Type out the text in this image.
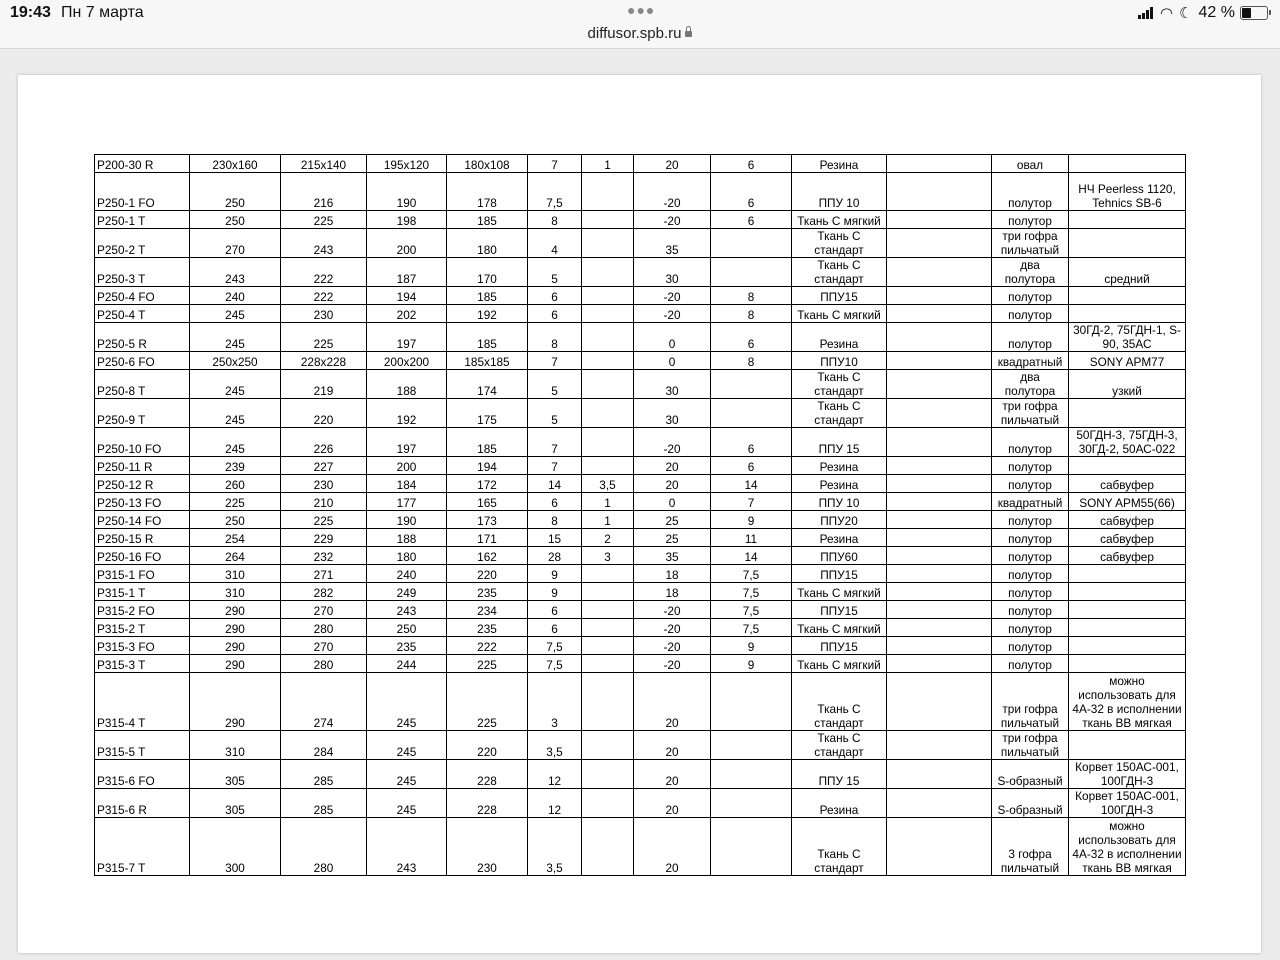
19:43 Пн 7 марта	●●●
diffusor.spb.ru
◠ ☾ 42 %
P200-30 R	230x160	215x140	195x120	180x108	7	1	20	6	Резина		овал	
P250-1 FO	250	216	190	178	7,5		-20	6	ППУ 10		полутор	НЧ Peerless 1120, Tehnics SB-6
P250-1 T	250	225	198	185	8		-20	6	Ткань С мягкий		полутор	
P250-2 T	270	243	200	180	4		35		Ткань С стандарт		три гофра пильчатый	
P250-3 T	243	222	187	170	5		30		Ткань С стандарт		два полутора	средний
P250-4 FO	240	222	194	185	6		-20	8	ППУ15		полутор	
P250-4 T	245	230	202	192	6		-20	8	Ткань С мягкий		полутор	
P250-5 R	245	225	197	185	8		0	6	Резина		полутор	30ГД-2, 75ГДН-1, S-90, 35АС
P250-6 FO	250x250	228x228	200x200	185x185	7		0	8	ППУ10		квадратный	SONY APM77
P250-8 T	245	219	188	174	5		30		Ткань С стандарт		два полутора	узкий
P250-9 T	245	220	192	175	5		30		Ткань С стандарт		три гофра пильчатый	
P250-10 FO	245	226	197	185	7		-20	6	ППУ 15		полутор	50ГДН-3, 75ГДН-3, 30ГД-2, 50АС-022
P250-11 R	239	227	200	194	7		20	6	Резина		полутор	
P250-12 R	260	230	184	172	14	3,5	20	14	Резина		полутор	сабвуфер
P250-13 FO	225	210	177	165	6	1	0	7	ППУ 10		квадратный	SONY APM55(66)
P250-14 FO	250	225	190	173	8	1	25	9	ППУ20		полутор	сабвуфер
P250-15 R	254	229	188	171	15	2	25	11	Резина		полутор	сабвуфер
P250-16 FO	264	232	180	162	28	3	35	14	ППУ60		полутор	сабвуфер
P315-1 FO	310	271	240	220	9		18	7,5	ППУ15		полутор	
P315-1 T	310	282	249	235	9		18	7,5	Ткань С мягкий		полутор	
P315-2 FO	290	270	243	234	6		-20	7,5	ППУ15		полутор	
P315-2 T	290	280	250	235	6		-20	7,5	Ткань С мягкий		полутор	
P315-3 FO	290	270	235	222	7,5		-20	9	ППУ15		полутор	
P315-3 T	290	280	244	225	7,5		-20	9	Ткань С мягкий		полутор	
P315-4 T	290	274	245	225	3		20		Ткань С стандарт		три гофра пильчатый	можно использовать для 4А-32 в исполнении ткань ВВ мягкая
P315-5 T	310	284	245	220	3,5		20		Ткань С стандарт		три гофра пильчатый	
P315-6 FO	305	285	245	228	12		20		ППУ 15		S-образный	Корвет 150АС-001, 100ГДН-3
P315-6 R	305	285	245	228	12		20		Резина		S-образный	Корвет 150АС-001, 100ГДН-3
P315-7 T	300	280	243	230	3,5		20		Ткань С стандарт		3 гофра пильчатый	можно использовать для 4А-32 в исполнении ткань ВВ мягкая
